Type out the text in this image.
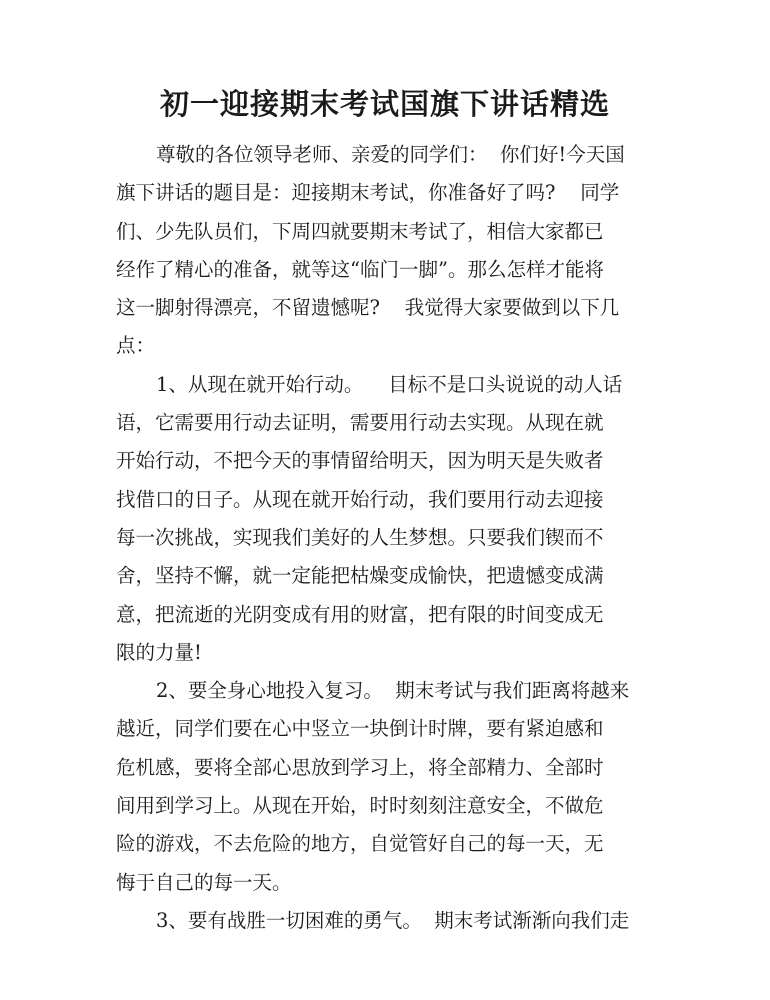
初一迎接期末考试国旗下讲话精选
尊敬的各位领导老师、亲爱的同学们：  你们好!今天国
旗下讲话的题目是：迎接期末考试，你准备好了吗?    同学
们、少先队员们，下周四就要期末考试了，相信大家都已
经作了精心的准备，就等这“临门一脚”。那么怎样才能将
这一脚射得漂亮，不留遗憾呢?    我觉得大家要做到以下几
点：
1、从现在就开始行动。    目标不是口头说说的动人话
语，它需要用行动去证明，需要用行动去实现。从现在就
开始行动，不把今天的事情留给明天，因为明天是失败者
找借口的日子。从现在就开始行动，我们要用行动去迎接
每一次挑战，实现我们美好的人生梦想。只要我们锲而不
舍，坚持不懈，就一定能把枯燥变成愉快，把遗憾变成满
意，把流逝的光阴变成有用的财富，把有限的时间变成无
限的力量!
2、要全身心地投入复习。  期末考试与我们距离将越来
越近，同学们要在心中竖立一块倒计时牌，要有紧迫感和
危机感，要将全部心思放到学习上，将全部精力、全部时
间用到学习上。从现在开始，时时刻刻注意安全，不做危
险的游戏，不去危险的地方，自觉管好自己的每一天，无
悔于自己的每一天。
3、要有战胜一切困难的勇气。  期末考试渐渐向我们走
